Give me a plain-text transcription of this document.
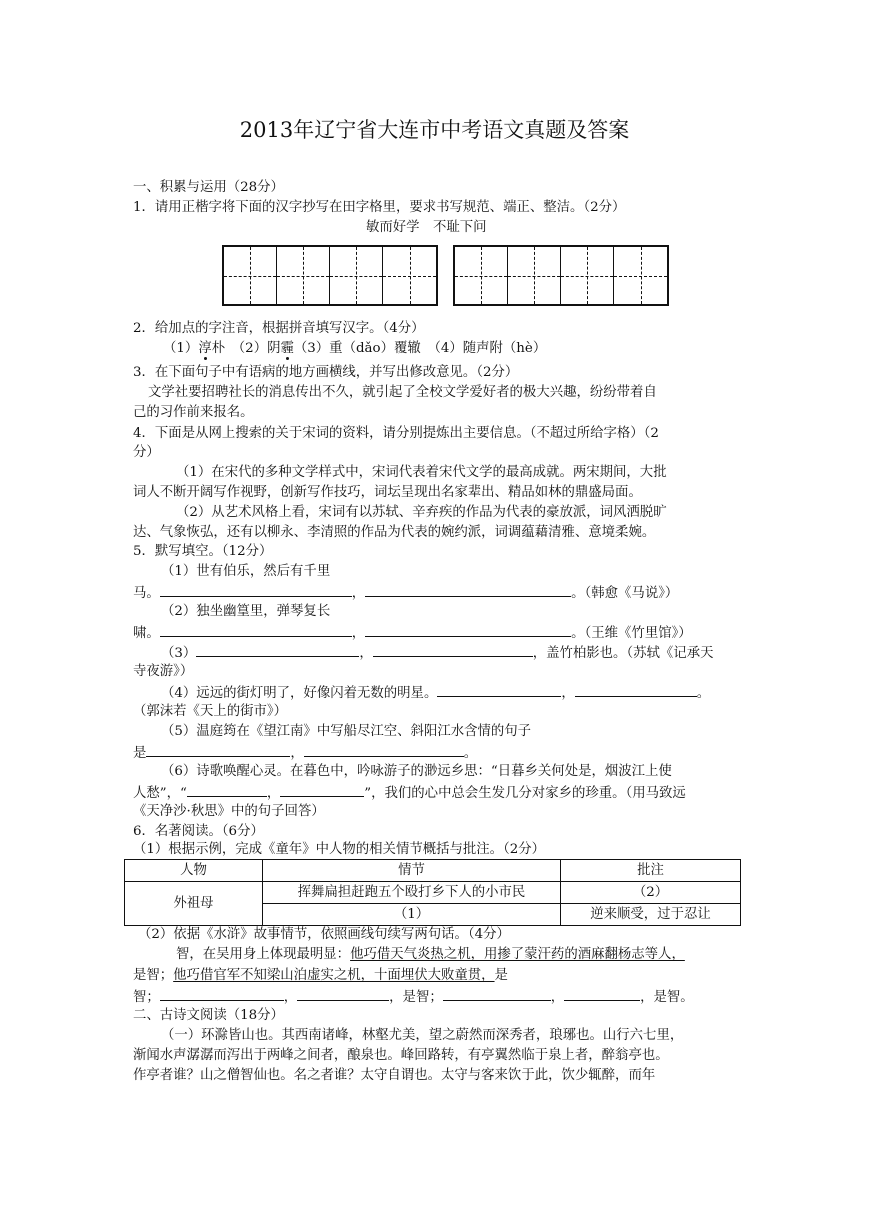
2013年辽宁省大连市中考语文真题及答案
一、积累与运用（28分）
1．请用正楷字将下面的汉字抄写在田字格里，要求书写规范、端正、整洁。（2分）
敏而好学　不耻下问
2．给加点的字注音，根据拼音填写汉字。（4分）
（1）淳朴　 （2）阴霾（3）重（dǎo）覆辙　 （4）随声附（hè）
3．在下面句子中有语病的地方画横线，并写出修改意见。（2分）
文学社要招聘社长的消息传出不久，就引起了全校文学爱好者的极大兴趣，纷纷带着自
己的习作前来报名。
4．下面是从网上搜索的关于宋词的资料，请分别提炼出主要信息。（不超过所给字格）（2
分）
（1）在宋代的多种文学样式中，宋词代表着宋代文学的最高成就。两宋期间，大批
词人不断开阔写作视野，创新写作技巧，词坛呈现出名家辈出、精品如林的鼎盛局面。
（2）从艺术风格上看，宋词有以苏轼、辛弃疾的作品为代表的豪放派，词风洒脱旷
达、气象恢弘，还有以柳永、李清照的作品为代表的婉约派，词调蕴藉清雅、意境柔婉。
5．默写填空。（12分）
（1）世有伯乐，然后有千里
马。	，	。（韩愈《马说》）
（2）独坐幽篁里，弹琴复长
啸。	，	。（王维《竹里馆》）
（3）	，	，盖竹柏影也。（苏轼《记承天
寺夜游》）
（4）远远的街灯明了，好像闪着无数的明星。	，	。
（郭沫若《天上的街市》）
（5）温庭筠在《望江南》中写船尽江空、斜阳江水含情的句子
是	，	。
（6）诗歌唤醒心灵。在暮色中，吟咏游子的渺远乡思：“日暮乡关何处是，烟波江上使
人愁”，“	，	”，我们的心中总会生发几分对家乡的珍重。（用马致远
《天净沙·秋思》中的句子回答）
6．名著阅读。（6分）
（1）根据示例，完成《童年》中人物的相关情节概括与批注。（2分）
人物	情节	批注
外祖母	挥舞扁担赶跑五个殴打乡下人的小市民	（2）
	（1）	逆来顺受，过于忍让
（2）依据《水浒》故事情节，依照画线句续写两句话。（4分）
智，在吴用身上体现最明显：他巧借天气炎热之机，用掺了蒙汗药的酒麻翻杨志等人，
是智；他巧借官军不知梁山泊虚实之机，十面埋伏大败童贯，是
智；	，	，是智；	，	，是智。
二、古诗文阅读（18分）
（一）环滁皆山也。其西南诸峰，林壑尤美，望之蔚然而深秀者，琅琊也。山行六七里，
渐闻水声潺潺而泻出于两峰之间者，酿泉也。峰回路转，有亭翼然临于泉上者，醉翁亭也。
作亭者谁？山之僧智仙也。名之者谁？太守自谓也。太守与客来饮于此，饮少辄醉，而年
